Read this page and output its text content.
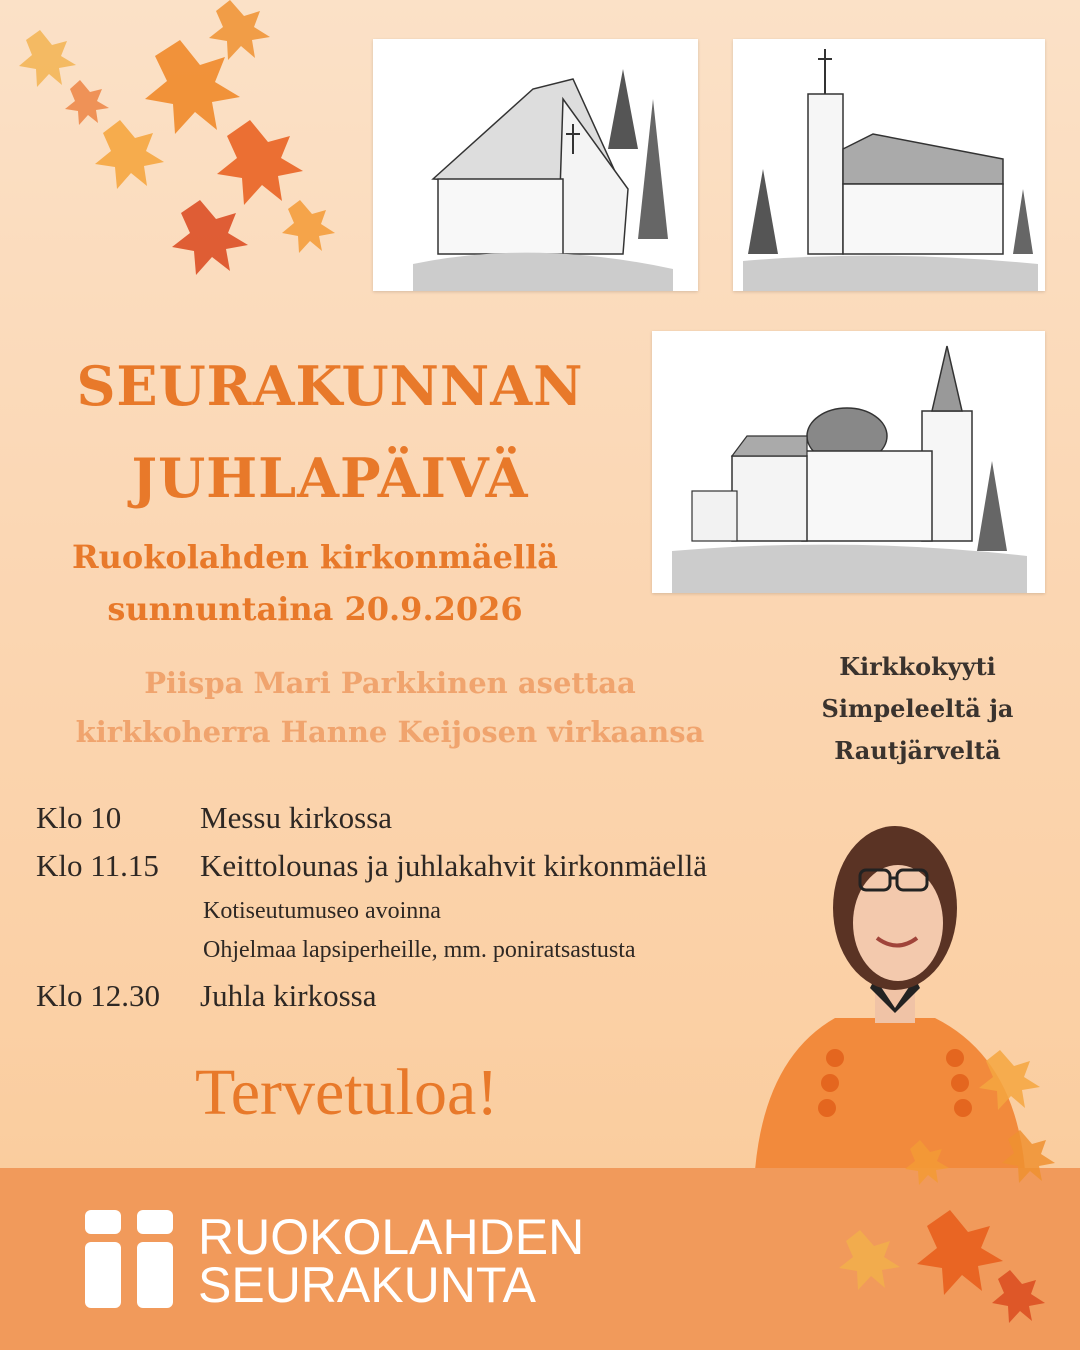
SEURAKUNNAN
JUHLAPÄIVÄ
Ruokolahden kirkonmäellä
sunnuntaina 20.9.2026
Piispa Mari Parkkinen asettaa
kirkkoherra Hanne Keijosen virkaansa
Kirkkokyyti
Simpeleeltä ja
Rautjärveltä
Klo 10	Messu kirkossa
Klo 11.15 Keittolounas ja juhlakahvit kirkonmäellä
Kotiseutumuseo avoinna
Ohjelmaa lapsiperheille, mm. poniratsastusta
Klo 12.30 Juhla kirkossa
Tervetuloa!
RUOKOLAHDEN
SEURAKUNTA
